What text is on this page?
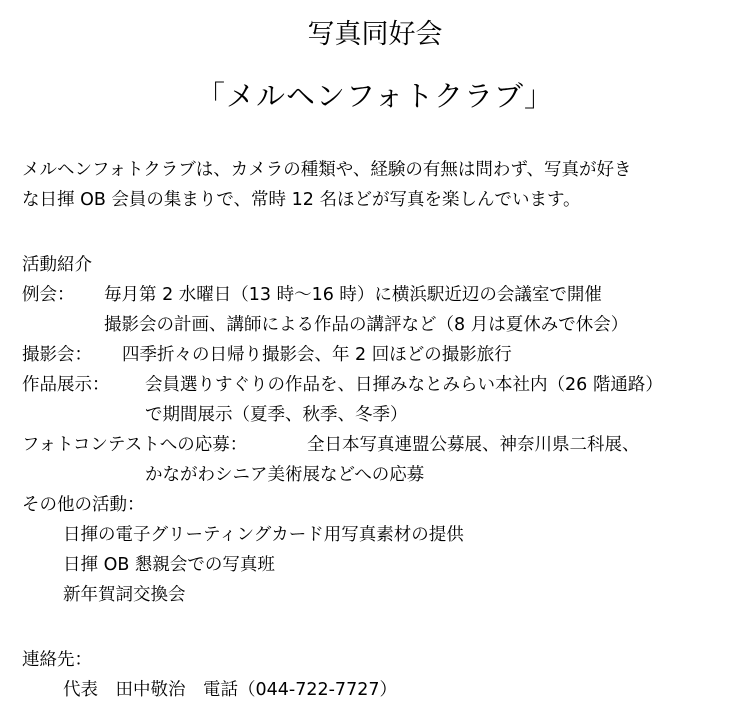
写真同好会
「メルヘンフォトクラブ」
メルヘンフォトクラブは、カメラの種類や、経験の有無は問わず、写真が好き
な日揮 OB 会員の集まりで、常時 12 名ほどが写真を楽しんでいます。
活動紹介
例会： 毎月第 2 水曜日（13 時～16 時）に横浜駅近辺の会議室で開催
撮影会の計画、講師による作品の講評など（8 月は夏休みで休会）
撮影会： 四季折々の日帰り撮影会、年 2 回ほどの撮影旅行
作品展示： 会員選りすぐりの作品を、日揮みなとみらい本社内（26 階通路）
で期間展示（夏季、秋季、冬季）
フォトコンテストへの応募：	全日本写真連盟公募展、神奈川県二科展、
かながわシニア美術展などへの応募
その他の活動：
日揮の電子グリーティングカード用写真素材の提供
日揮 OB 懇親会での写真班
新年賀詞交換会
連絡先：
代表　田中敬治　電話（044-722-7727）
